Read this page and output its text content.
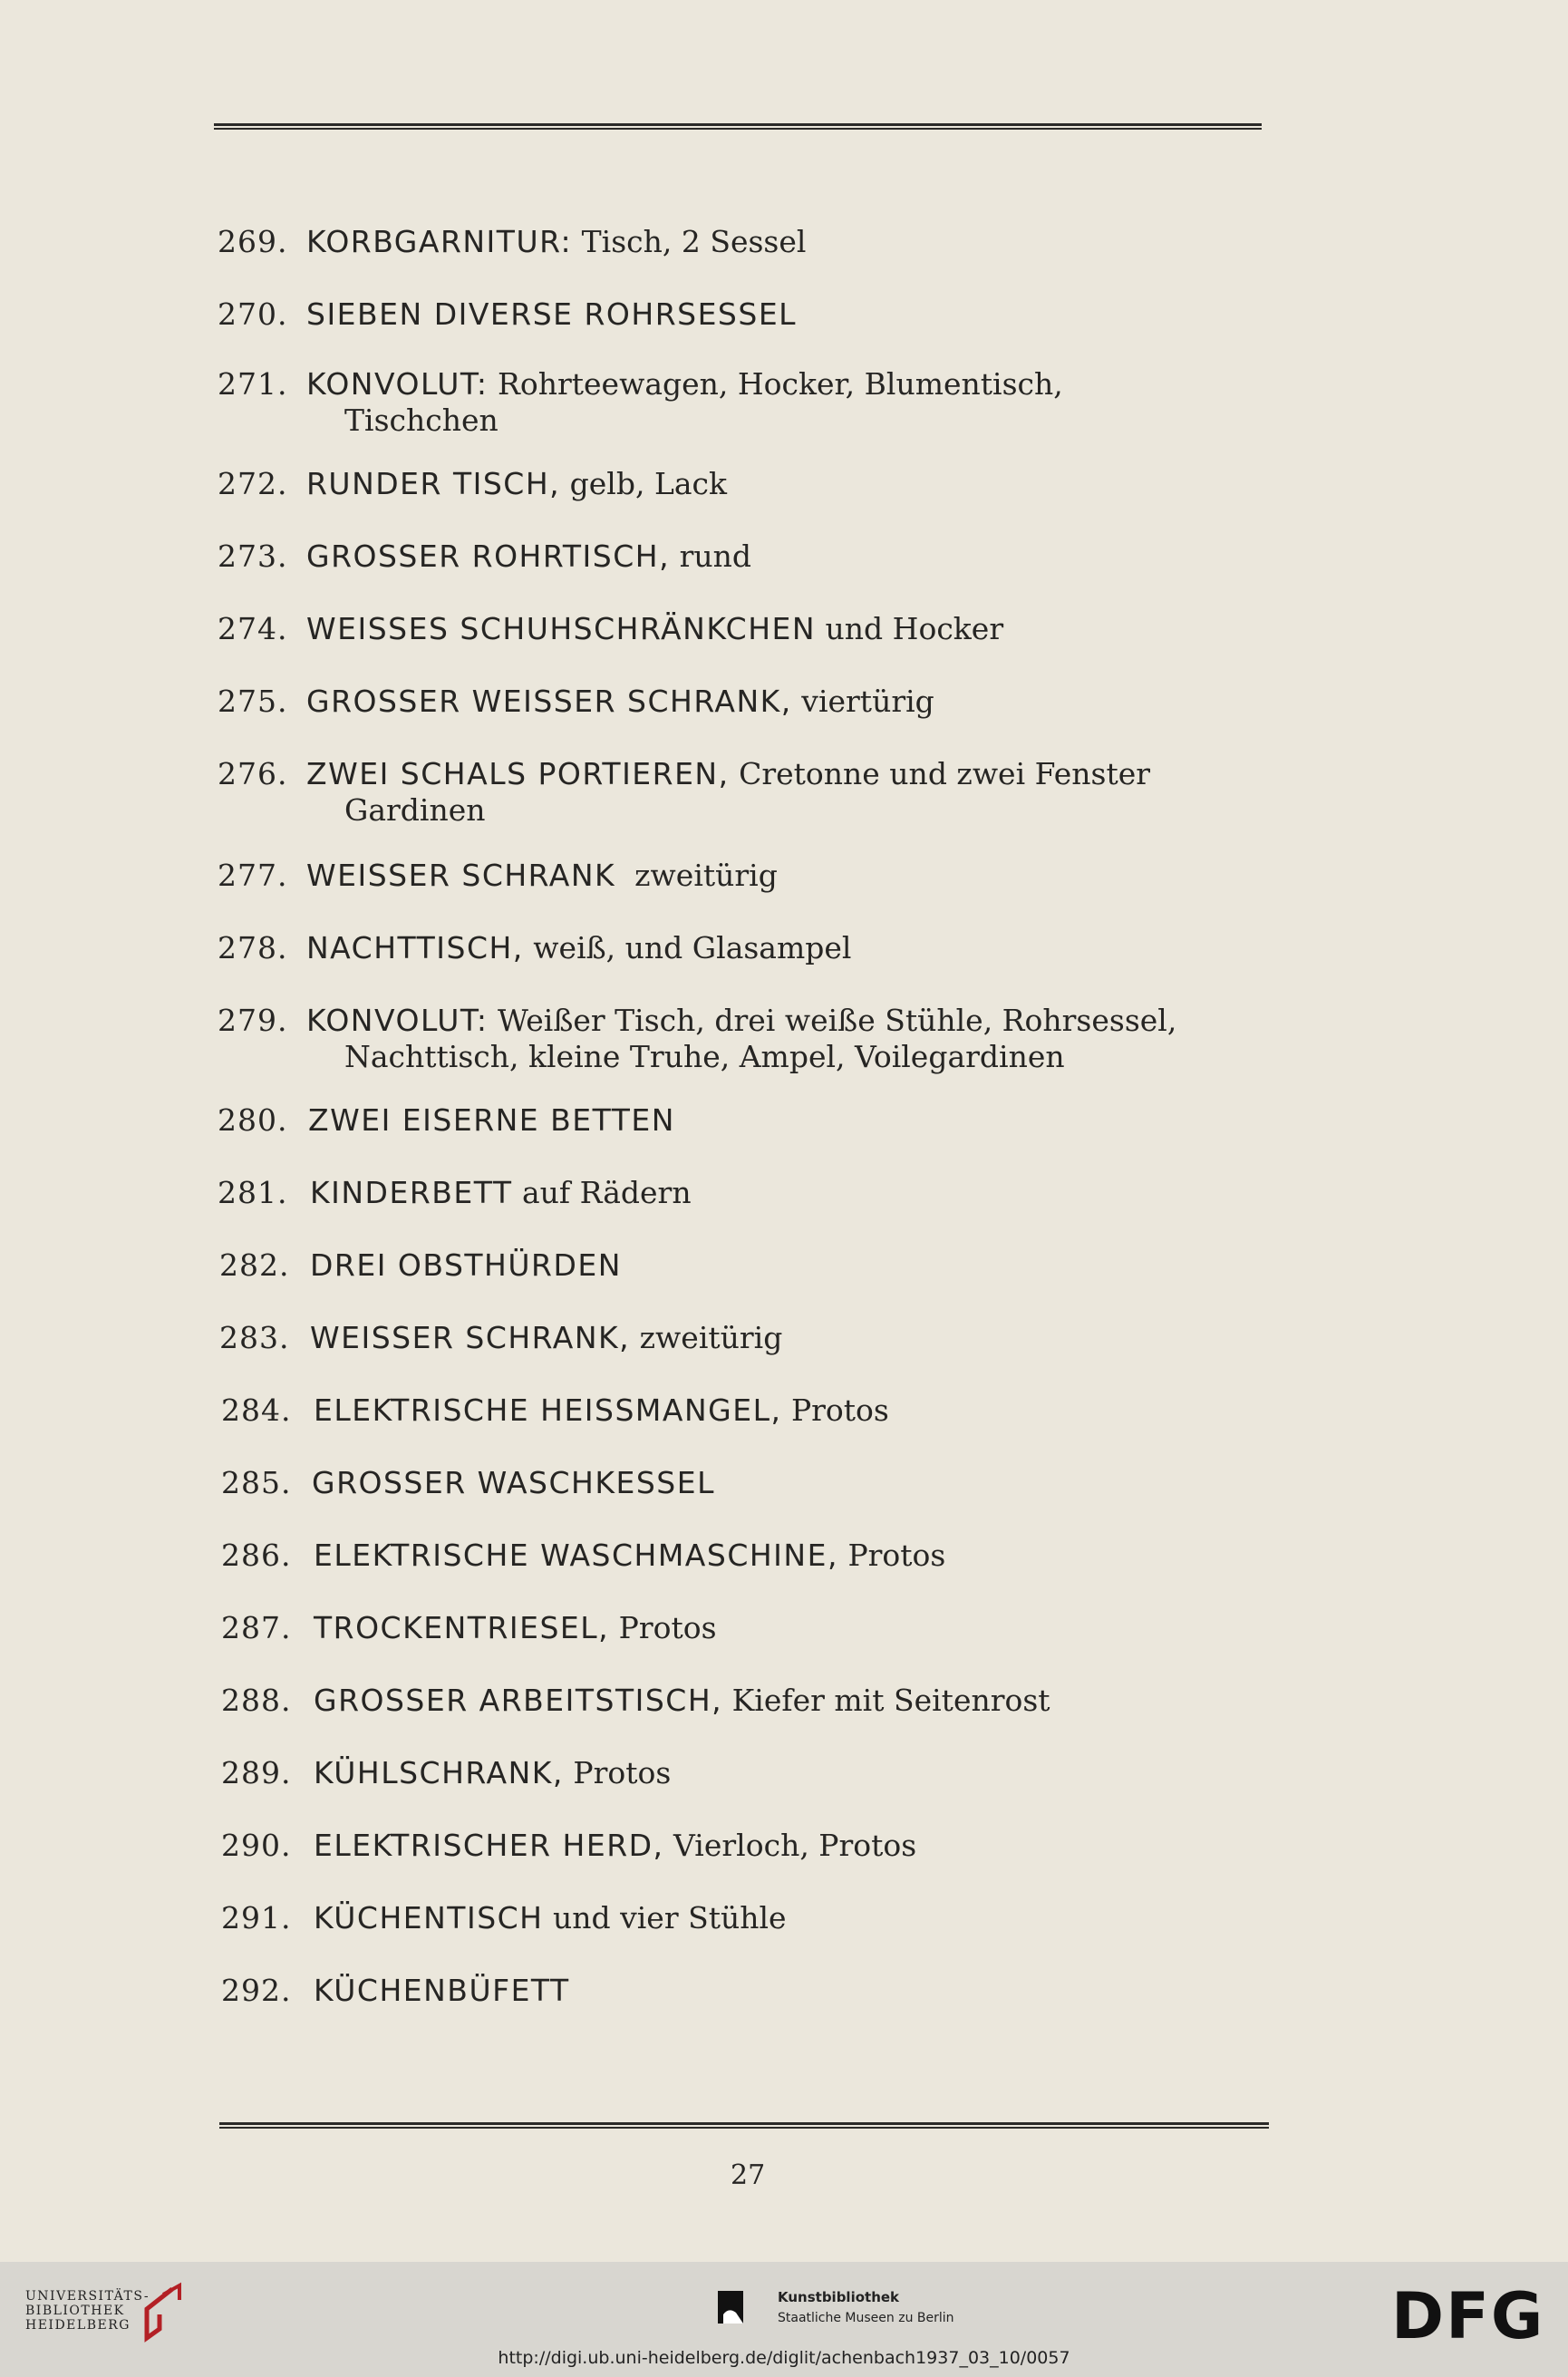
269. KORBGARNITUR: Tisch, 2 Sessel
270. SIEBEN DIVERSE ROHRSESSEL
271. KONVOLUT: Rohrteewagen, Hocker, Blumentisch,
Tischchen
272. RUNDER TISCH, gelb, Lack
273. GROSSER ROHRTISCH, rund
274. WEISSES SCHUHSCHRÄNKCHEN und Hocker
275. GROSSER WEISSER SCHRANK, viertürig
276. ZWEI SCHALS PORTIEREN, Cretonne und zwei Fenster
Gardinen
277. WEISSER SCHRANK  zweitürig
278. NACHTTISCH, weiß, und Glasampel
279. KONVOLUT: Weißer Tisch, drei weiße Stühle, Rohrsessel,
Nachttisch, kleine Truhe, Ampel, Voilegardinen
280. ZWEI EISERNE BETTEN
281. KINDERBETT auf Rädern
282. DREI OBSTHÜRDEN
283. WEISSER SCHRANK, zweitürig
284. ELEKTRISCHE HEISSMANGEL, Protos
285. GROSSER WASCHKESSEL
286. ELEKTRISCHE WASCHMASCHINE, Protos
287. TROCKENTRIESEL, Protos
288. GROSSER ARBEITSTISCH, Kiefer mit Seitenrost
289. KÜHLSCHRANK, Protos
290. ELEKTRISCHER HERD, Vierloch, Protos
291. KÜCHENTISCH und vier Stühle
292. KÜCHENBÜFETT
27
UNIVERSITÄTS-
BIBLIOTHEK
HEIDELBERG
Kunstbibliothek
Staatliche Museen zu Berlin	DFG
http://digi.ub.uni-heidelberg.de/diglit/achenbach1937_03_10/0057
